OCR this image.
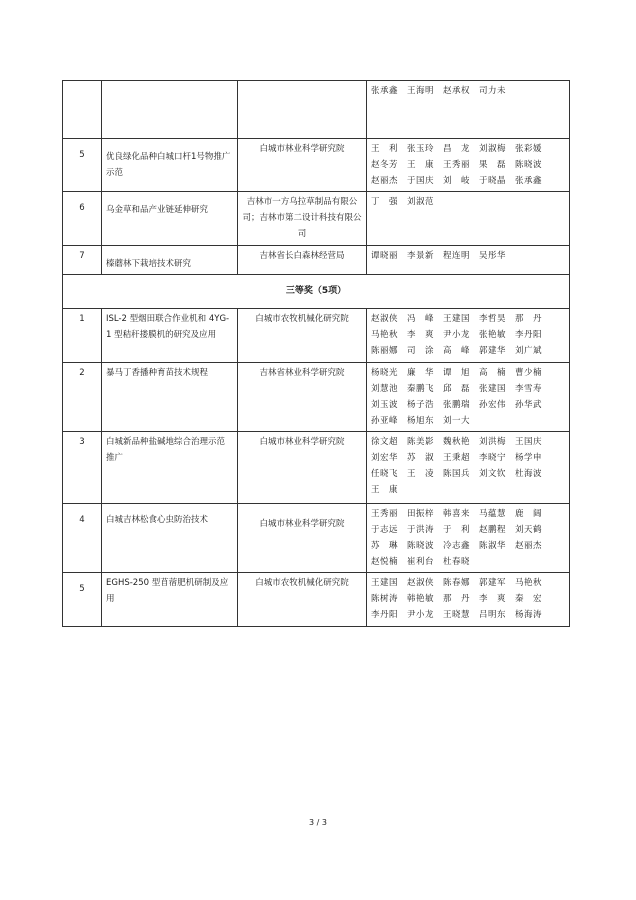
			张承鑫　王海明　赵承权　司力未

5	优良绿化品种白城口杆1号物推广示范	白城市林业科学研究院	王　利　张玉玲　昌　龙　刘淑梅　张彩媛
赵冬芳　王　康　王秀丽　果　磊　陈晓波
赵丽杰　于国庆　刘　岐　于晓晶　张承鑫

6	乌金草和品产业链延伸研究	吉林市一方乌拉草制品有限公司；吉林市第二设计科技有限公司	丁　强　刘淑范

7	榛蘑林下栽培技术研究	吉林省长白森林经营局	谭晓丽　李景新　程连明　吴彤华

三等奖（5项）			
1	ISL-2 型烟田联合作业机和 4YG-1 型秸秆搂膜机的研究及应用	白城市农牧机械化研究院	赵淑侠　冯　峰　王建国　李哲昊　那　丹
马艳秋　李　爽　尹小龙　张艳敏　李丹阳
陈丽娜　司　涂　高　峰　郭建华　刘广斌

2	暴马丁香播种育苗技术规程	吉林省林业科学研究院	杨晓光　廉　华　谭　旭　高　楠　曹少楠
刘慧池　秦鹏飞　邱　磊　张建国　李雪寿
刘玉波　杨子浩　张鹏瑞　孙宏伟　孙华武
孙亚峰　杨旭东　刘一大

3	白城新品种盐碱地综合治理示范推广	白城市林业科学研究院	徐文超　陈美影　魏秋艳　刘洪梅　王国庆
刘宏华　苏　淑　王秉超　李晓宁　杨学申
任晓飞　王　凌　陈国兵　刘文钦　杜海波
王　康

4	白城吉林松食心虫防治技术	白城市林业科学研究院	王秀丽　田振梓　韩喜来　马蕴慧　鹿　阔
于志远　于洪涛　于　利　赵鹏程　刘天鹤
苏　琳　陈晓波　冷志鑫　陈淑华　赵丽杰
赵悦楠　崔利台　杜春晓

5	EGHS-250 型苜蓿肥机研制及应用	白城市农牧机械化研究院	王建国　赵淑侠　陈春娜　郭建军　马艳秋
陈树涛　韩艳敏　那　丹　李　爽　秦　宏
李丹阳　尹小龙　王晓慧　吕明东　杨海涛
3 / 3
